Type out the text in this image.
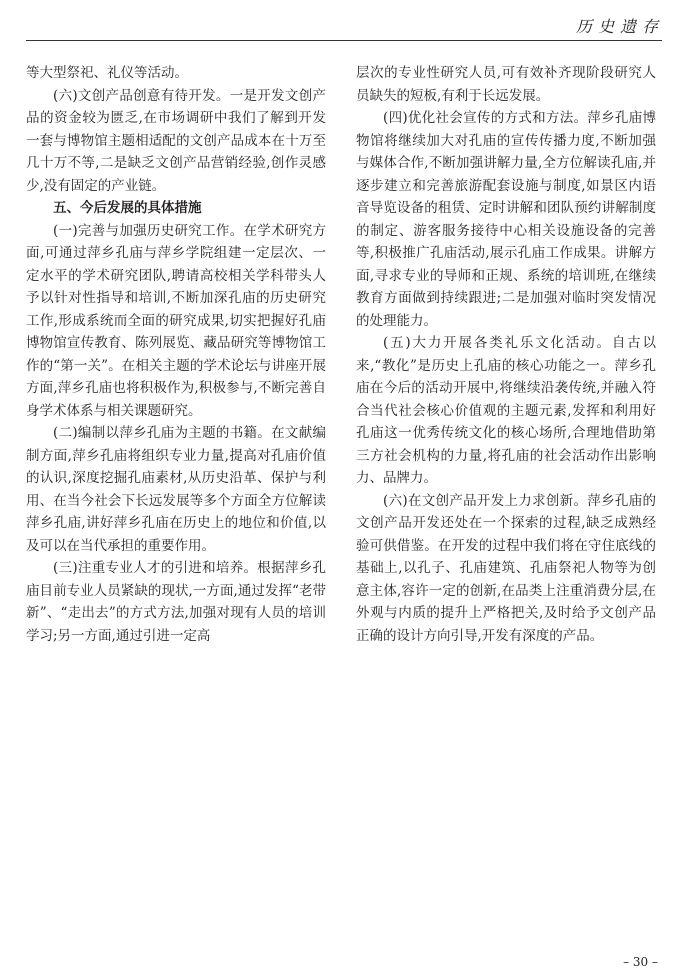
历史遗存

等大型祭祀、礼仪等活动。

(六)文创产品创意有待开发。一是开发文创产品的资金较为匮乏,在市场调研中我们了解到开发一套与博物馆主题相适配的文创产品成本在十万至几十万不等,二是缺乏文创产品营销经验,创作灵感少,没有固定的产业链。

五、今后发展的具体措施

(一)完善与加强历史研究工作。在学术研究方面,可通过萍乡孔庙与萍乡学院组建一定层次、一定水平的学术研究团队,聘请高校相关学科带头人予以针对性指导和培训,不断加深孔庙的历史研究工作,形成系统而全面的研究成果,切实把握好孔庙博物馆宣传教育、陈列展览、藏品研究等博物馆工作的“第一关”。在相关主题的学术论坛与讲座开展方面,萍乡孔庙也将积极作为,积极参与,不断完善自身学术体系与相关课题研究。

(二)编制以萍乡孔庙为主题的书籍。在文献编制方面,萍乡孔庙将组织专业力量,提高对孔庙价值的认识,深度挖掘孔庙素材,从历史沿革、保护与利用、在当今社会下长远发展等多个方面全方位解读萍乡孔庙,讲好萍乡孔庙在历史上的地位和价值,以及可以在当代承担的重要作用。

(三)注重专业人才的引进和培养。根据萍乡孔庙目前专业人员紧缺的现状,一方面,通过发挥“老带新”、“走出去”的方式方法,加强对现有人员的培训学习;另一方面,通过引进一定高

层次的专业性研究人员,可有效补齐现阶段研究人员缺失的短板,有利于长远发展。

(四)优化社会宣传的方式和方法。萍乡孔庙博物馆将继续加大对孔庙的宣传传播力度,不断加强与媒体合作,不断加强讲解力量,全方位解读孔庙,并逐步建立和完善旅游配套设施与制度,如景区内语音导览设备的租赁、定时讲解和团队预约讲解制度的制定、游客服务接待中心相关设施设备的完善等,积极推广孔庙活动,展示孔庙工作成果。讲解方面,寻求专业的导师和正规、系统的培训班,在继续教育方面做到持续跟进;二是加强对临时突发情况的处理能力。

(五)大力开展各类礼乐文化活动。自古以来,“教化”是历史上孔庙的核心功能之一。萍乡孔庙在今后的活动开展中,将继续沿袭传统,并融入符合当代社会核心价值观的主题元素,发挥和利用好孔庙这一优秀传统文化的核心场所,合理地借助第三方社会机构的力量,将孔庙的社会活动作出影响力、品牌力。

(六)在文创产品开发上力求创新。萍乡孔庙的文创产品开发还处在一个探索的过程,缺乏成熟经验可供借鉴。在开发的过程中我们将在守住底线的基础上,以孔子、孔庙建筑、孔庙祭祀人物等为创意主体,容许一定的创新,在品类上注重消费分层,在外观与内质的提升上严格把关,及时给予文创产品正确的设计方向引导,开发有深度的产品。

– 30 –
